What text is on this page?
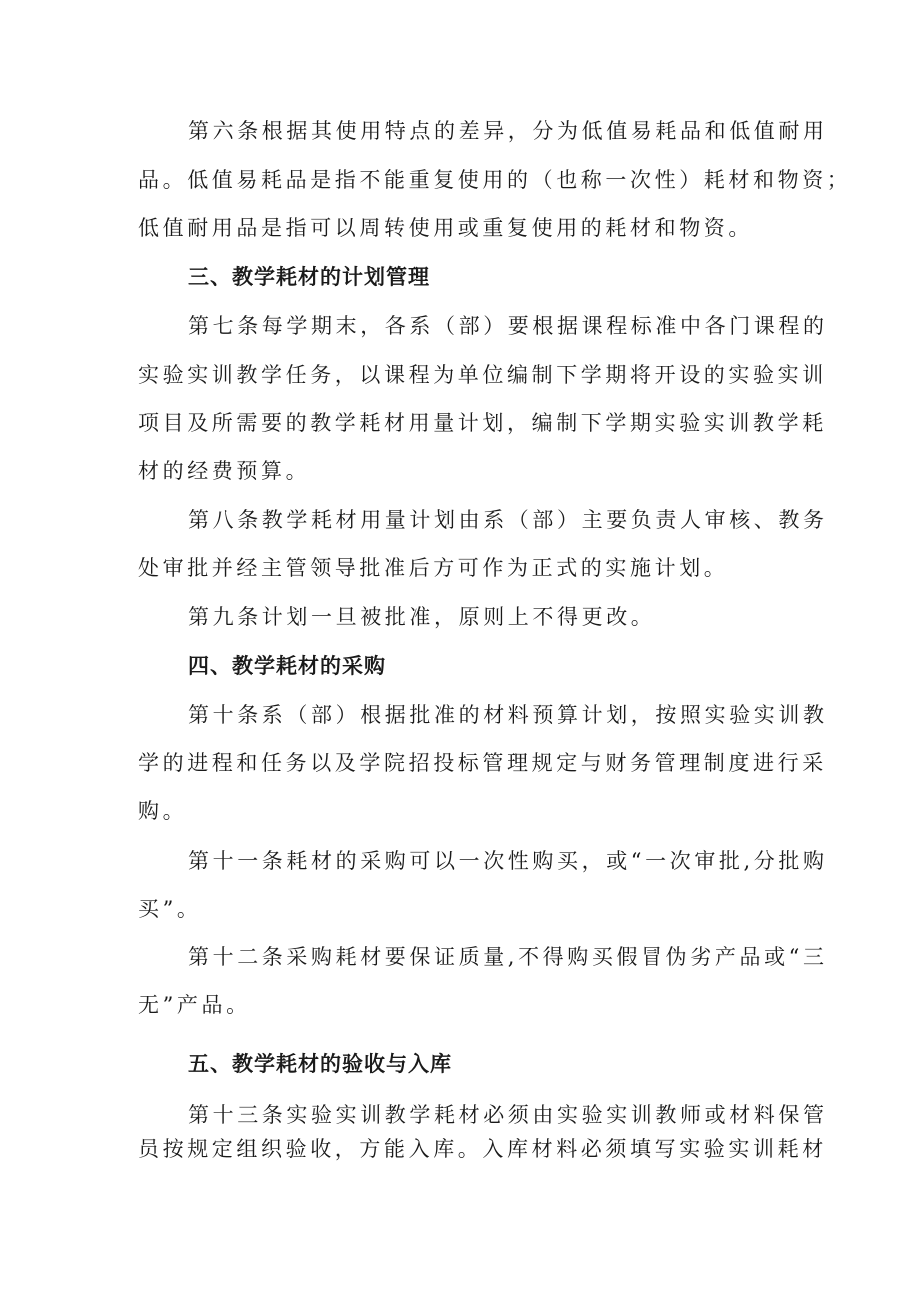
第六条根据其使用特点的差异，分为低值易耗品和低值耐用
品。低值易耗品是指不能重复使用的（也称一次性）耗材和物资；
低值耐用品是指可以周转使用或重复使用的耗材和物资。
三、教学耗材的计划管理
第七条每学期末，各系（部）要根据课程标准中各门课程的
实验实训教学任务，以课程为单位编制下学期将开设的实验实训
项目及所需要的教学耗材用量计划，编制下学期实验实训教学耗
材的经费预算。
第八条教学耗材用量计划由系（部）主要负责人审核、教务
处审批并经主管领导批准后方可作为正式的实施计划。
第九条计划一旦被批准，原则上不得更改。
四、教学耗材的采购
第十条系（部）根据批准的材料预算计划，按照实验实训教
学的进程和任务以及学院招投标管理规定与财务管理制度进行采
购。
第十一条耗材的采购可以一次性购买，或“一次审批,分批购
买”。
第十二条采购耗材要保证质量,不得购买假冒伪劣产品或“三
无”产品。
五、教学耗材的验收与入库
第十三条实验实训教学耗材必须由实验实训教师或材料保管
员按规定组织验收，方能入库。入库材料必须填写实验实训耗材
